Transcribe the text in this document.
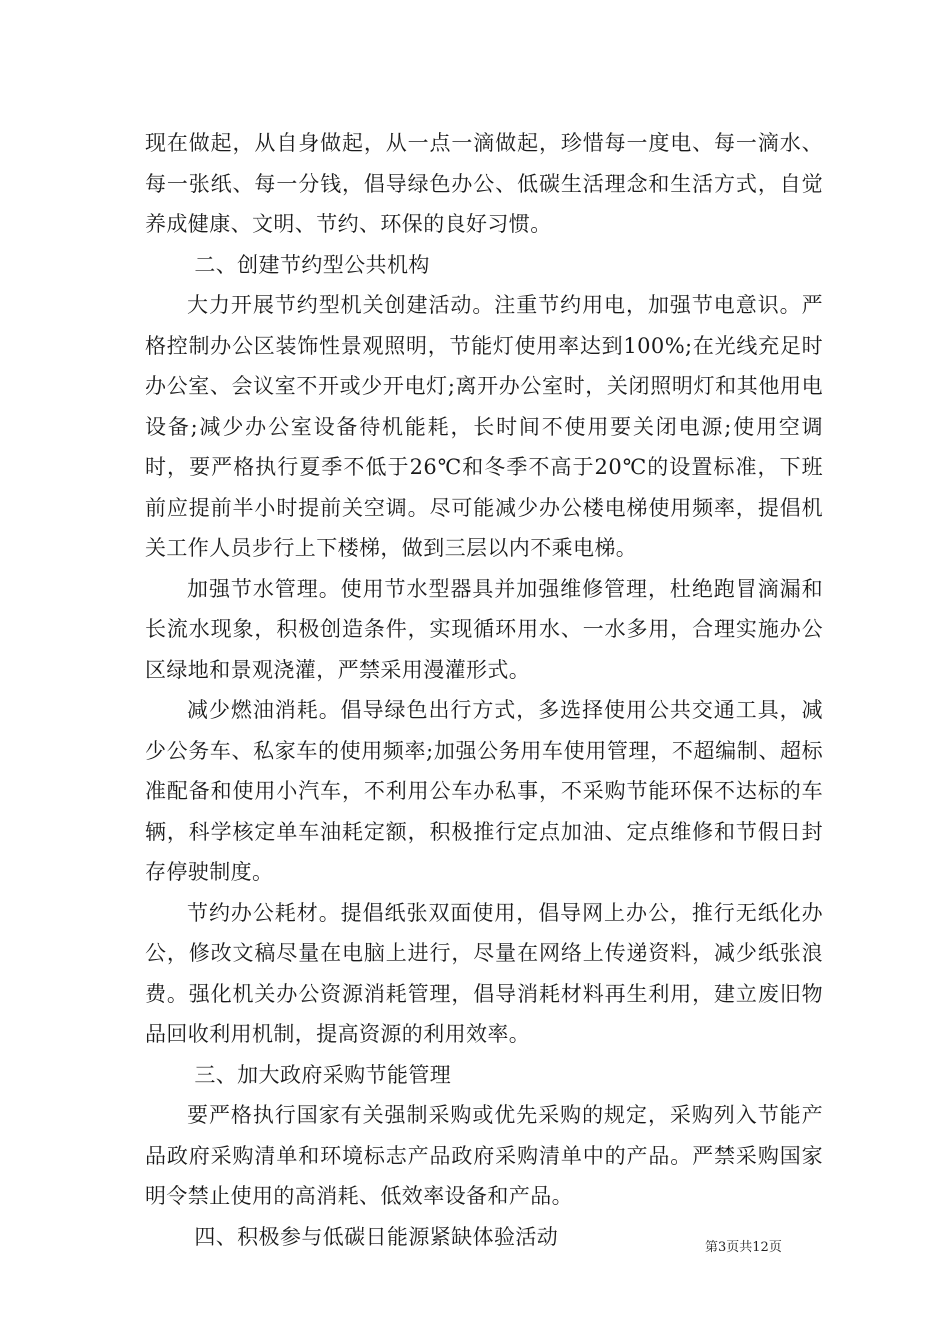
现在做起，从自身做起，从一点一滴做起，珍惜每一度电、每一滴水、每一张纸、每一分钱，倡导绿色办公、低碳生活理念和生活方式，自觉养成健康、文明、节约、环保的良好习惯。

二、创建节约型公共机构

大力开展节约型机关创建活动。注重节约用电，加强节电意识。严格控制办公区装饰性景观照明，节能灯使用率达到100%;在光线充足时办公室、会议室不开或少开电灯;离开办公室时，关闭照明灯和其他用电设备;减少办公室设备待机能耗，长时间不使用要关闭电源;使用空调时，要严格执行夏季不低于26℃和冬季不高于20℃的设置标准，下班前应提前半小时提前关空调。尽可能减少办公楼电梯使用频率，提倡机关工作人员步行上下楼梯，做到三层以内不乘电梯。

加强节水管理。使用节水型器具并加强维修管理，杜绝跑冒滴漏和长流水现象，积极创造条件，实现循环用水、一水多用，合理实施办公区绿地和景观浇灌，严禁采用漫灌形式。

减少燃油消耗。倡导绿色出行方式，多选择使用公共交通工具，减少公务车、私家车的使用频率;加强公务用车使用管理，不超编制、超标准配备和使用小汽车，不利用公车办私事，不采购节能环保不达标的车辆，科学核定单车油耗定额，积极推行定点加油、定点维修和节假日封存停驶制度。

节约办公耗材。提倡纸张双面使用，倡导网上办公，推行无纸化办公，修改文稿尽量在电脑上进行，尽量在网络上传递资料，减少纸张浪费。强化机关办公资源消耗管理，倡导消耗材料再生利用，建立废旧物品回收利用机制，提高资源的利用效率。

三、加大政府采购节能管理

要严格执行国家有关强制采购或优先采购的规定，采购列入节能产品政府采购清单和环境标志产品政府采购清单中的产品。严禁采购国家明令禁止使用的高消耗、低效率设备和产品。

四、积极参与低碳日能源紧缺体验活动	第3页共12页
